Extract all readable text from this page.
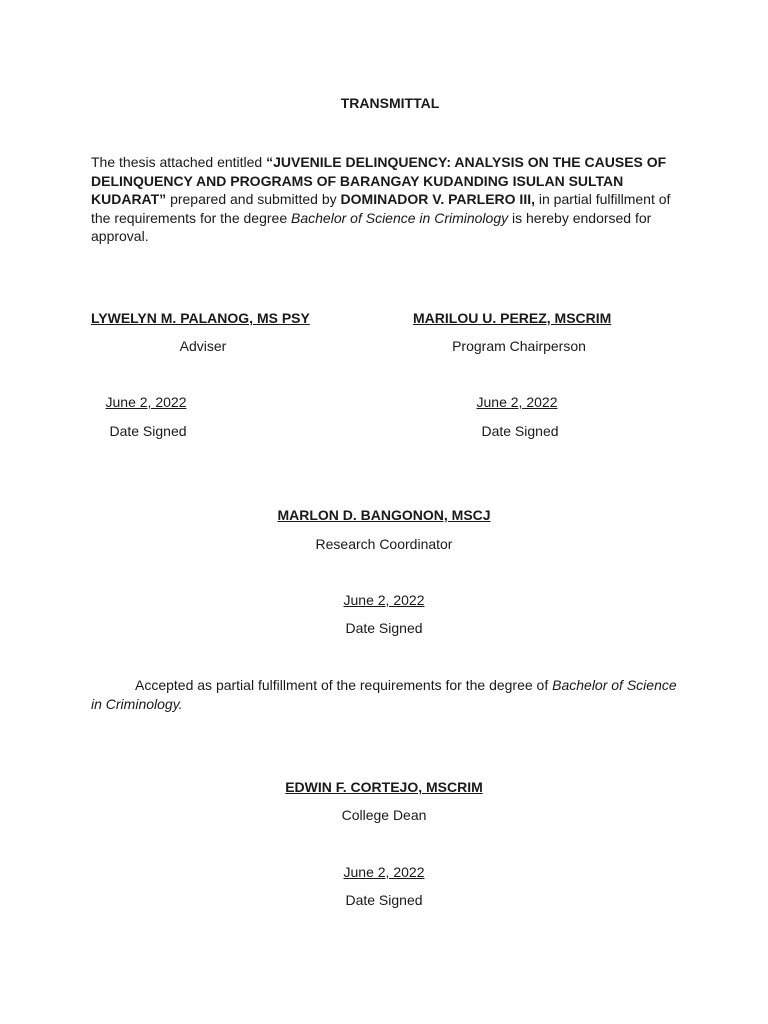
TRANSMITTAL
The thesis attached entitled “JUVENILE DELINQUENCY: ANALYSIS ON THE CAUSES OF DELINQUENCY AND PROGRAMS OF BARANGAY KUDANDING ISULAN SULTAN KUDARAT” prepared and submitted by DOMINADOR V. PARLERO III, in partial fulfillment of the requirements for the degree Bachelor of Science in Criminology is hereby endorsed for approval.
LYWELYN M. PALANOG, MS PSY
Adviser
June 2, 2022
Date Signed
MARILOU U. PEREZ, MSCRIM
Program Chairperson
June 2, 2022
Date Signed
MARLON D. BANGONON, MSCJ
Research Coordinator
June 2, 2022
Date Signed
Accepted as partial fulfillment of the requirements for the degree of Bachelor of Science in Criminology.
EDWIN F. CORTEJO, MSCRIM
College Dean
June 2, 2022
Date Signed
